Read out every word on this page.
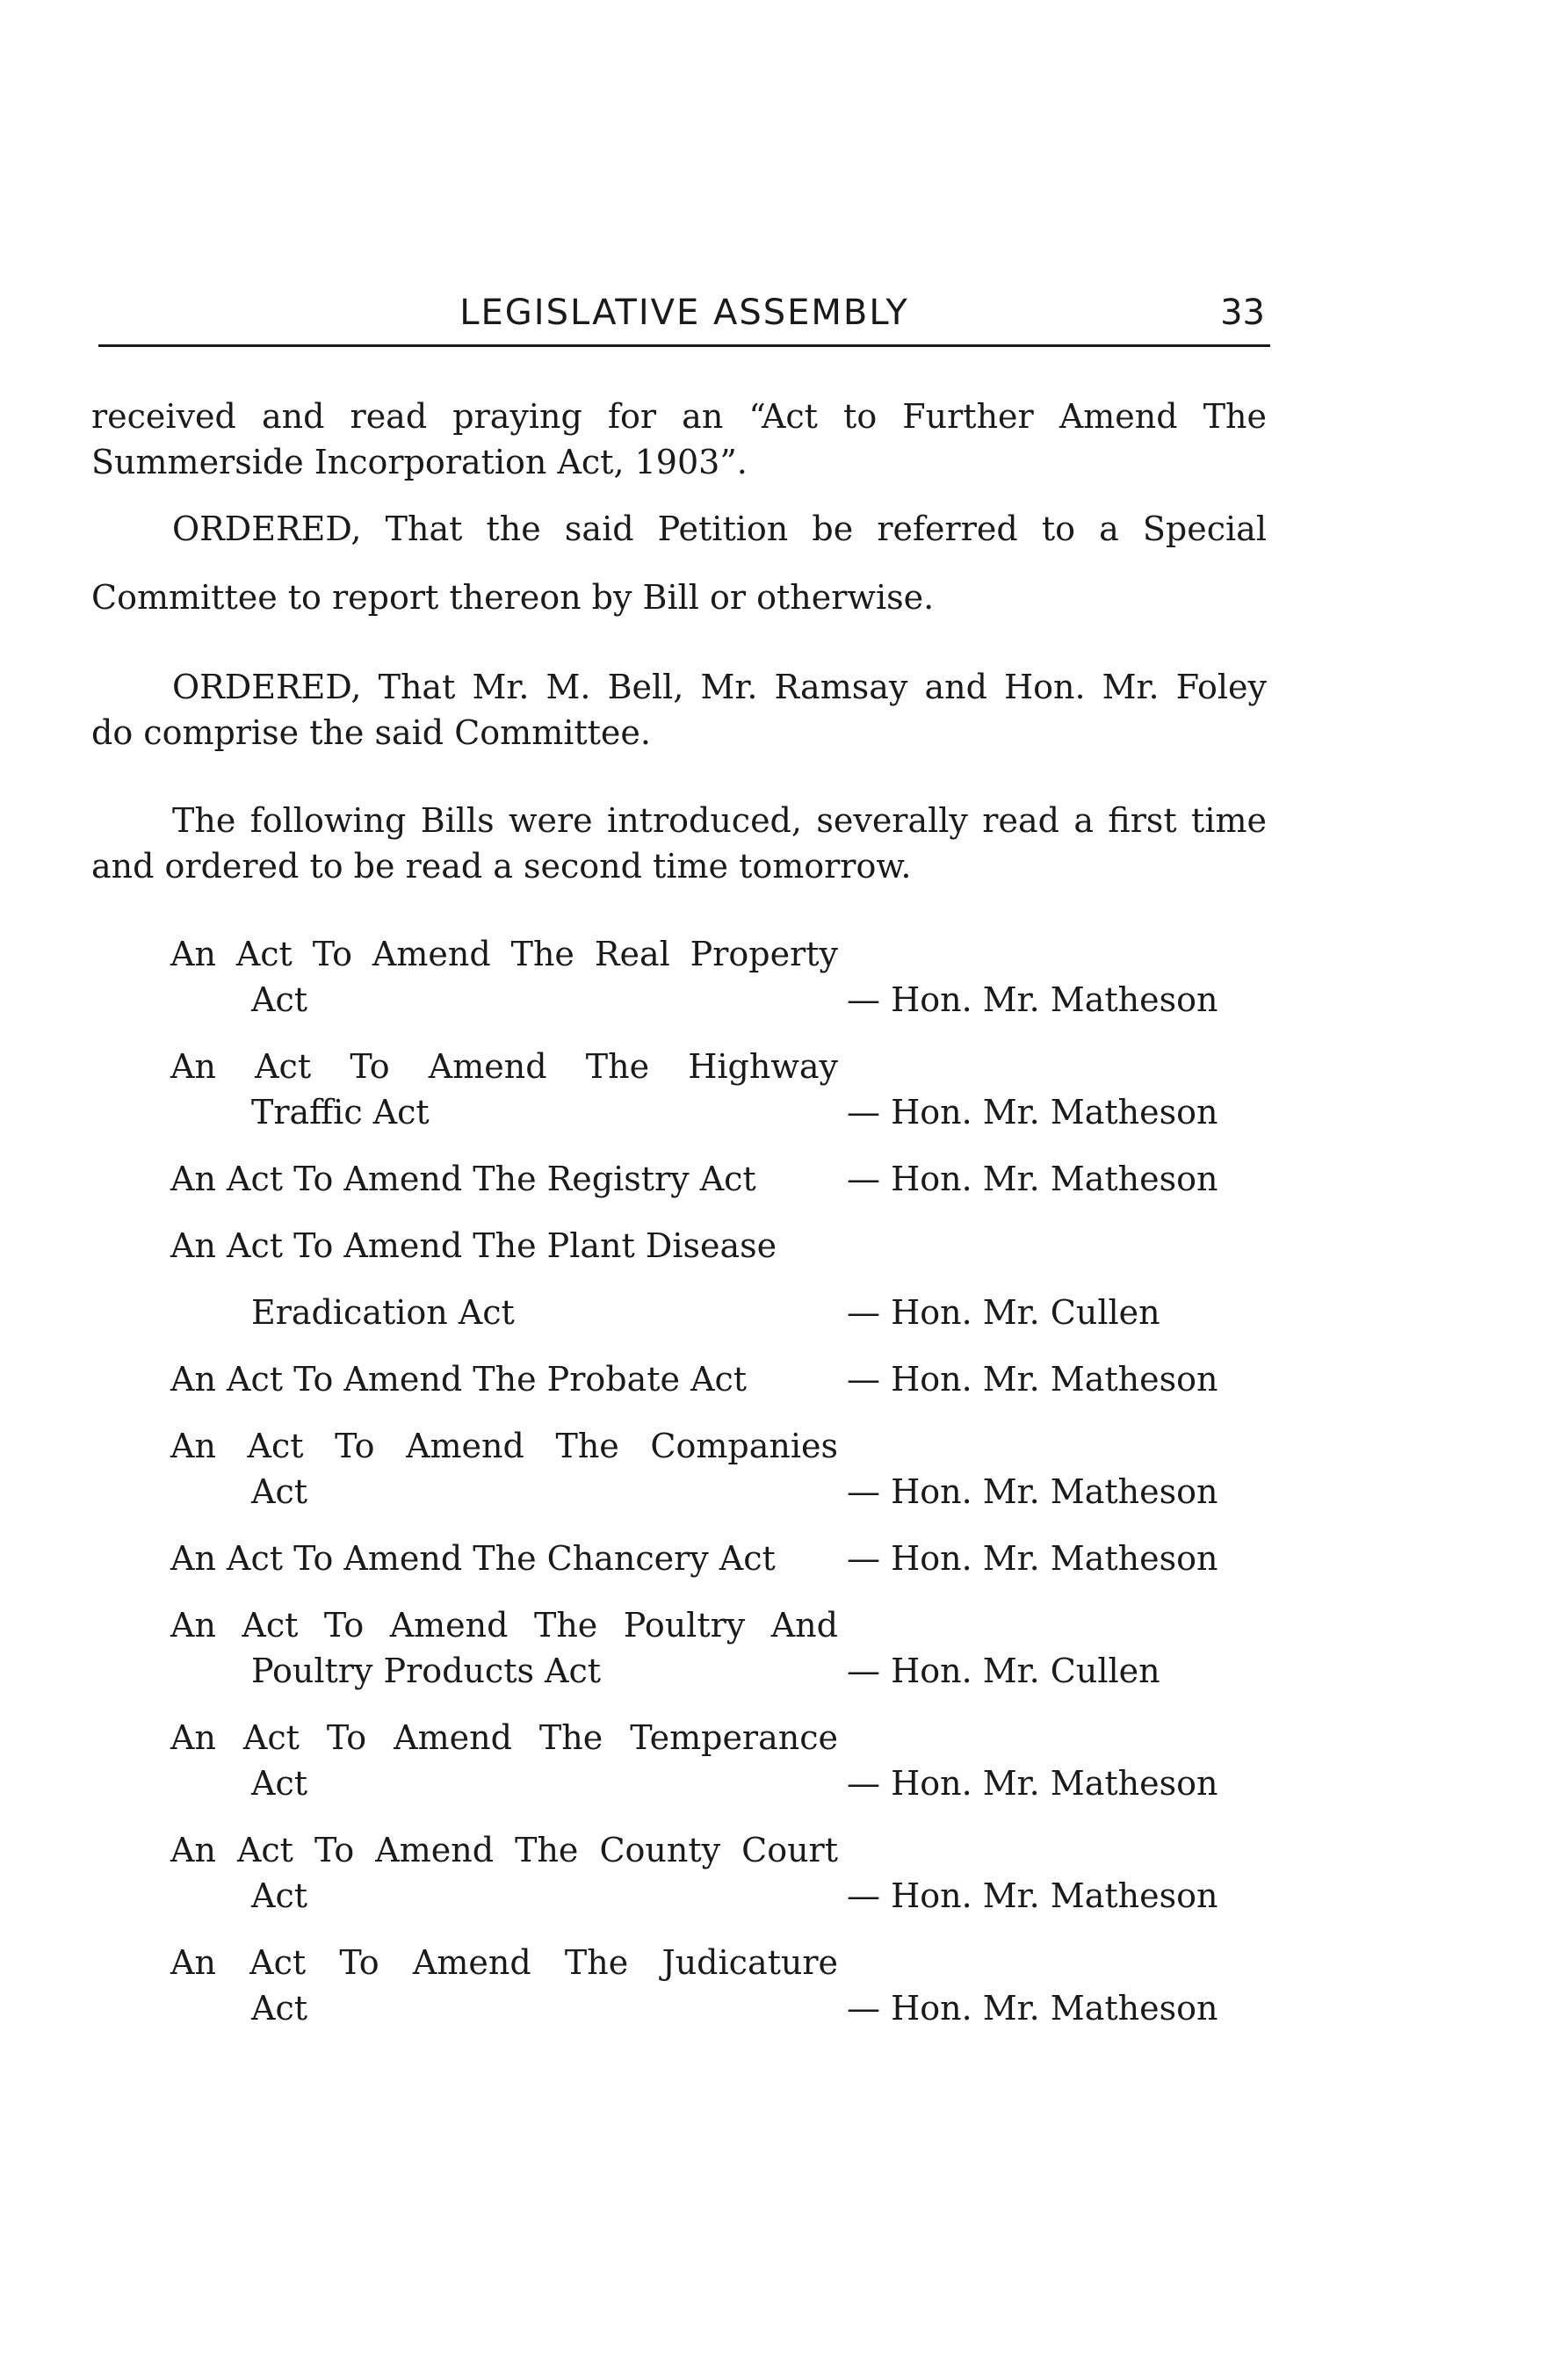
LEGISLATIVE ASSEMBLY	33
received and read praying for an “Act to Further Amend The
Summerside Incorporation Act, 1903”.
ORDERED, That the said Petition be referred to a Special
Committee to report thereon by Bill or otherwise.
ORDERED, That Mr. M. Bell, Mr. Ramsay and Hon. Mr. Foley
do comprise the said Committee.
The following Bills were introduced, severally read a first time
and ordered to be read a second time tomorrow.
An Act To Amend The Real Property
Act	— Hon. Mr. Matheson
An Act To Amend The Highway
Traffic Act	— Hon. Mr. Matheson
An Act To Amend The Registry Act	— Hon. Mr. Matheson
An Act To Amend The Plant Disease
Eradication Act	— Hon. Mr. Cullen
An Act To Amend The Probate Act	— Hon. Mr. Matheson
An Act To Amend The Companies
Act	— Hon. Mr. Matheson
An Act To Amend The Chancery Act	— Hon. Mr. Matheson
An Act To Amend The Poultry And
Poultry Products Act	— Hon. Mr. Cullen
An Act To Amend The Temperance
Act	— Hon. Mr. Matheson
An Act To Amend The County Court
Act	— Hon. Mr. Matheson
An Act To Amend The Judicature
Act	— Hon. Mr. Matheson
